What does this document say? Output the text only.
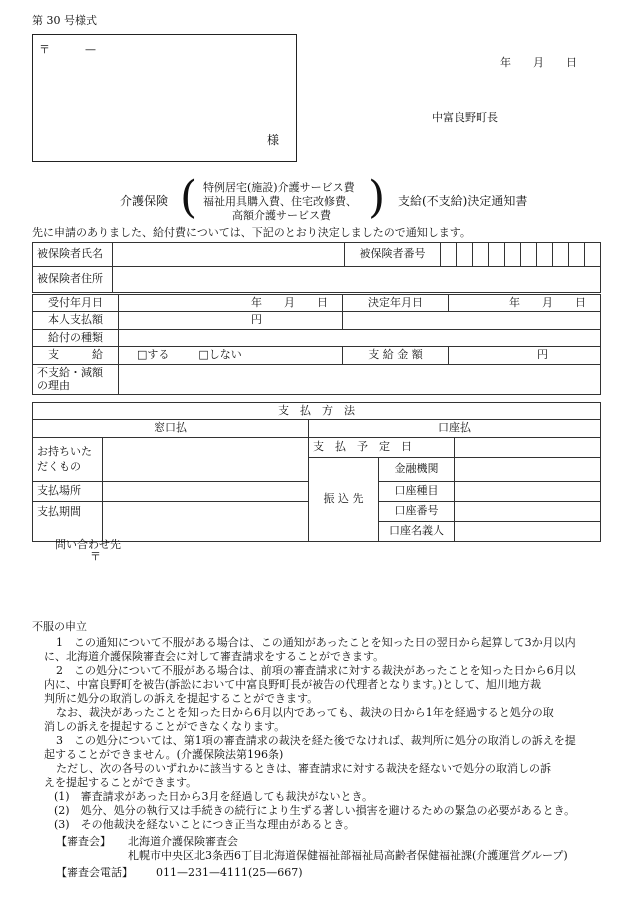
第 30 号様式
〒	—
様
年　　月　　日
中富良野町長
介護保険 ( 特例居宅(施設)介護サービス費
福祉用具購入費、住宅改修費、
高額介護サービス費 ) 支給(不支給)決定通知書
先に申請のありました、給付費については、下記のとおり決定しましたので通知します。
被保険者氏名		被保険者番号										
被保険者住所												
受付年月日	年　　月　　日	決定年月日	年　　月　　日
本人支払額	円		
給付の種類			
支　　　給	□する □しない	支 給 金 額	円

不支給・減額
の理由			

支　払　方　法				
窓口払		口座払		

お持ちいた
だくもの		支　払　予　定　日		
		振 込 先	金融機関	
支払場所			口座種目	
支払期間			口座番号	
			口座名義人	
問い合わせ先
〒

不服の申立

1　この通知について不服がある場合は、この通知があったことを知った日の翌日から起算して3か月以内

に、北海道介護保険審査会に対して審査請求をすることができます。

2　この処分について不服がある場合は、前項の審査請求に対する裁決があったことを知った日から6月以

内に、中富良野町を被告(訴訟において中富良野町長が被告の代理者となります。)として、旭川地方裁

判所に処分の取消しの訴えを提起することができます。

なお、裁決があったことを知った日から6月以内であっても、裁決の日から1年を経過すると処分の取

消しの訴えを提起することができなくなります。

3　この処分については、第1項の審査請求の裁決を経た後でなければ、裁判所に処分の取消しの訴えを提

起することができません。(介護保険法第196条)

ただし、次の各号のいずれかに該当するときは、審査請求に対する裁決を経ないで処分の取消しの訴

えを提起することができます。

(1)　審査請求があった日から3月を経過しても裁決がないとき。

(2)　処分、処分の執行又は手続きの続行により生ずる著しい損害を避けるための緊急の必要があるとき。

(3)　その他裁決を経ないことにつき正当な理由があるとき。

【審査会】 北海道介護保険審査会
札幌市中央区北3条西6丁目北海道保健福祉部福祉局高齢者保健福祉課(介護運営グループ)
【審査会電話】 011—231—4111(25—667)
